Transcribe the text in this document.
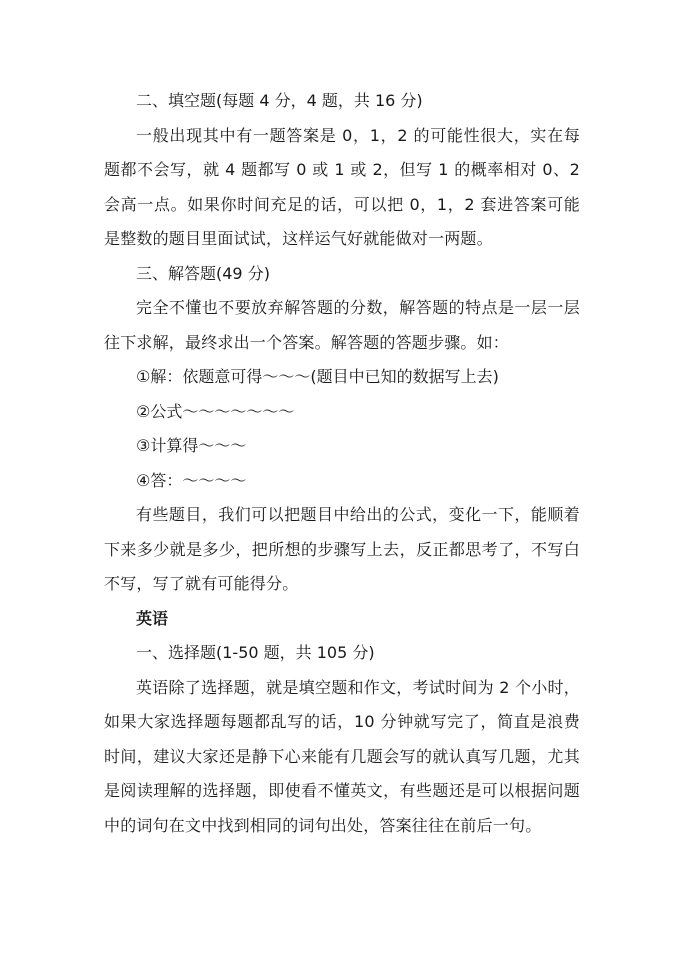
二、填空题(每题 4 分，4 题，共 16 分)

一般出现其中有一题答案是 0，1，2 的可能性很大，实在每题都不会写，就 4 题都写 0 或 1 或 2，但写 1 的概率相对 0、2 会高一点。如果你时间充足的话，可以把 0，1，2 套进答案可能是整数的题目里面试试，这样运气好就能做对一两题。

三、解答题(49 分)

完全不懂也不要放弃解答题的分数，解答题的特点是一层一层往下求解，最终求出一个答案。解答题的答题步骤。如：

①解：依题意可得～～～(题目中已知的数据写上去)

②公式～～～～～～～

③计算得～～～

④答：～～～～

有些题目，我们可以把题目中给出的公式，变化一下，能顺着下来多少就是多少，把所想的步骤写上去，反正都思考了，不写白不写，写了就有可能得分。

英语

一、选择题(1-50 题，共 105 分)

英语除了选择题，就是填空题和作文，考试时间为 2 个小时，如果大家选择题每题都乱写的话，10 分钟就写完了，简直是浪费时间，建议大家还是静下心来能有几题会写的就认真写几题，尤其是阅读理解的选择题，即使看不懂英文，有些题还是可以根据问题中的词句在文中找到相同的词句出处，答案往往在前后一句。
